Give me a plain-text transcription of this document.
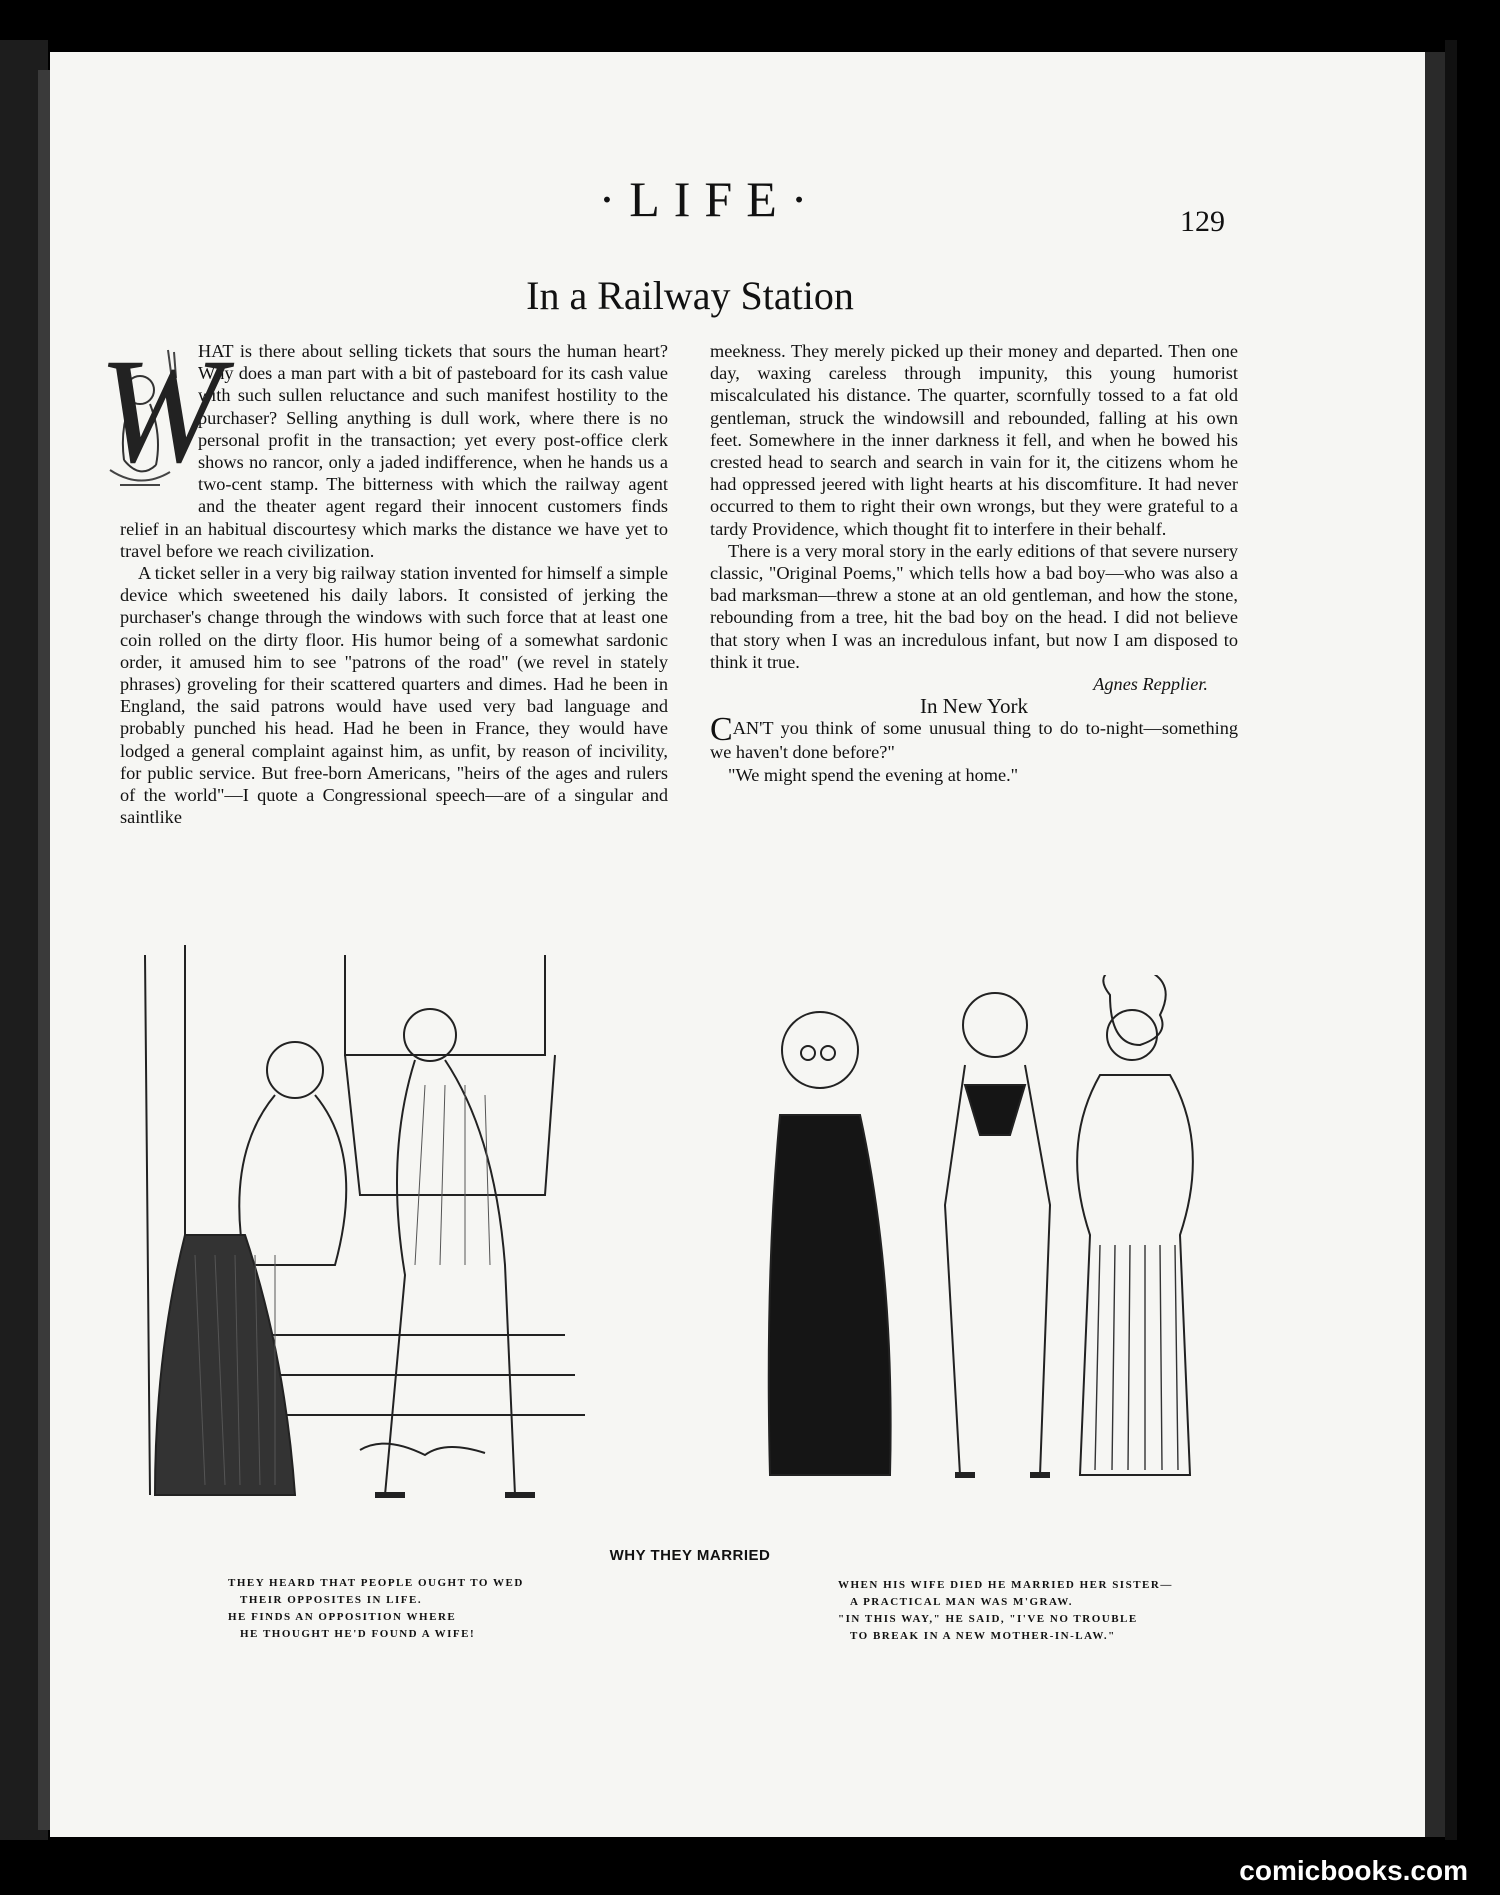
·LIFE·	129
In a Railway Station
W

HAT is there about selling tickets that sours the human heart? Why does a man part with a bit of pasteboard for its cash value with such sullen reluctance and such manifest hostility to the purchaser? Selling anything is dull work, where there is no personal profit in the transaction; yet every post-office clerk shows no rancor, only a jaded indifference, when he hands us a two-cent stamp. The bitterness with which the railway agent and the theater agent regard their innocent customers finds relief in an habitual discourtesy which marks the distance we have yet to travel before we reach civilization.

A ticket seller in a very big railway station invented for himself a simple device which sweetened his daily labors. It consisted of jerking the purchaser's change through the windows with such force that at least one coin rolled on the dirty floor. His humor being of a somewhat sardonic order, it amused him to see "patrons of the road" (we revel in stately phrases) groveling for their scattered quarters and dimes. Had he been in England, the said patrons would have used very bad language and probably punched his head. Had he been in France, they would have lodged a general complaint against him, as unfit, by reason of incivility, for public service. But free-born Americans, "heirs of the ages and rulers of the world"—I quote a Congressional speech—are of a singular and saintlike

meekness. They merely picked up their money and departed. Then one day, waxing careless through impunity, this young humorist miscalculated his distance. The quarter, scornfully tossed to a fat old gentleman, struck the windowsill and rebounded, falling at his own feet. Somewhere in the inner darkness it fell, and when he bowed his crested head to search and search in vain for it, the citizens whom he had oppressed jeered with light hearts at his discomfiture. It had never occurred to them to right their own wrongs, but they were grateful to a tardy Providence, which thought fit to interfere in their behalf.

There is a very moral story in the early editions of that severe nursery classic, "Original Poems," which tells how a bad boy—who was also a bad marksman—threw a stone at an old gentleman, and how the stone, rebounding from a tree, hit the bad boy on the head. I did not believe that story when I was an incredulous infant, but now I am disposed to think it true.

Agnes Repplier.

In New York

CAN'T you think of some unusual thing to do to-night—something we haven't done before?"

"We might spend the evening at home."

WHY THEY MARRIED
THEY HEARD THAT PEOPLE OUGHT TO WED
THEIR OPPOSITES IN LIFE.
HE FINDS AN OPPOSITION WHERE
HE THOUGHT HE'D FOUND A WIFE!
WHEN HIS WIFE DIED HE MARRIED HER SISTER—
A PRACTICAL MAN WAS M'GRAW.
"IN THIS WAY," HE SAID, "I'VE NO TROUBLE
TO BREAK IN A NEW MOTHER-IN-LAW."
comicbooks.com
